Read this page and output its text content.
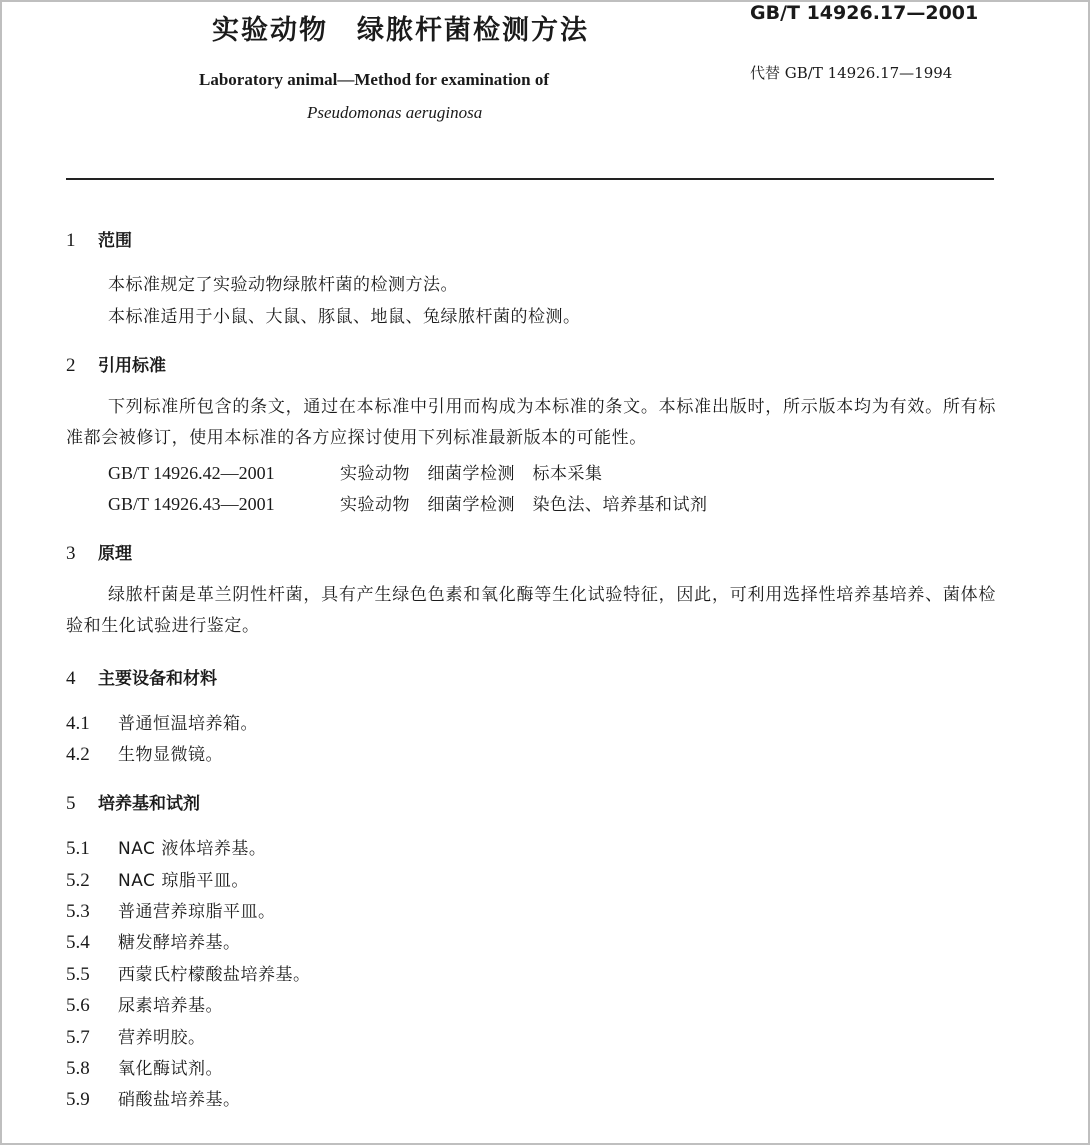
实验动物　绿脓杆菌检测方法
GB/T 14926.17—2001
Laboratory animal—Method for examination of
Pseudomonas aeruginosa
代替 GB/T 14926.17—1994
1 范围
本标准规定了实验动物绿脓杆菌的检测方法。
本标准适用于小鼠、大鼠、豚鼠、地鼠、兔绿脓杆菌的检测。
2 引用标准
下列标准所包含的条文，通过在本标准中引用而构成为本标准的条文。本标准出版时，所示版本均为有效。所有标准都会被修订，使用本标准的各方应探讨使用下列标准最新版本的可能性。
GB/T 14926.42—2001	实验动物　细菌学检测　标本采集
GB/T 14926.43—2001	实验动物　细菌学检测　染色法、培养基和试剂
3 原理
绿脓杆菌是革兰阴性杆菌，具有产生绿色色素和氧化酶等生化试验特征，因此，可利用选择性培养基培养、菌体检验和生化试验进行鉴定。
4 主要设备和材料
4.1 普通恒温培养箱。
4.2 生物显微镜。
5 培养基和试剂
5.1 NAC 液体培养基。
5.2 NAC 琼脂平皿。
5.3 普通营养琼脂平皿。
5.4 糖发酵培养基。
5.5 西蒙氏柠檬酸盐培养基。
5.6 尿素培养基。
5.7 营养明胶。
5.8 氧化酶试剂。
5.9 硝酸盐培养基。
